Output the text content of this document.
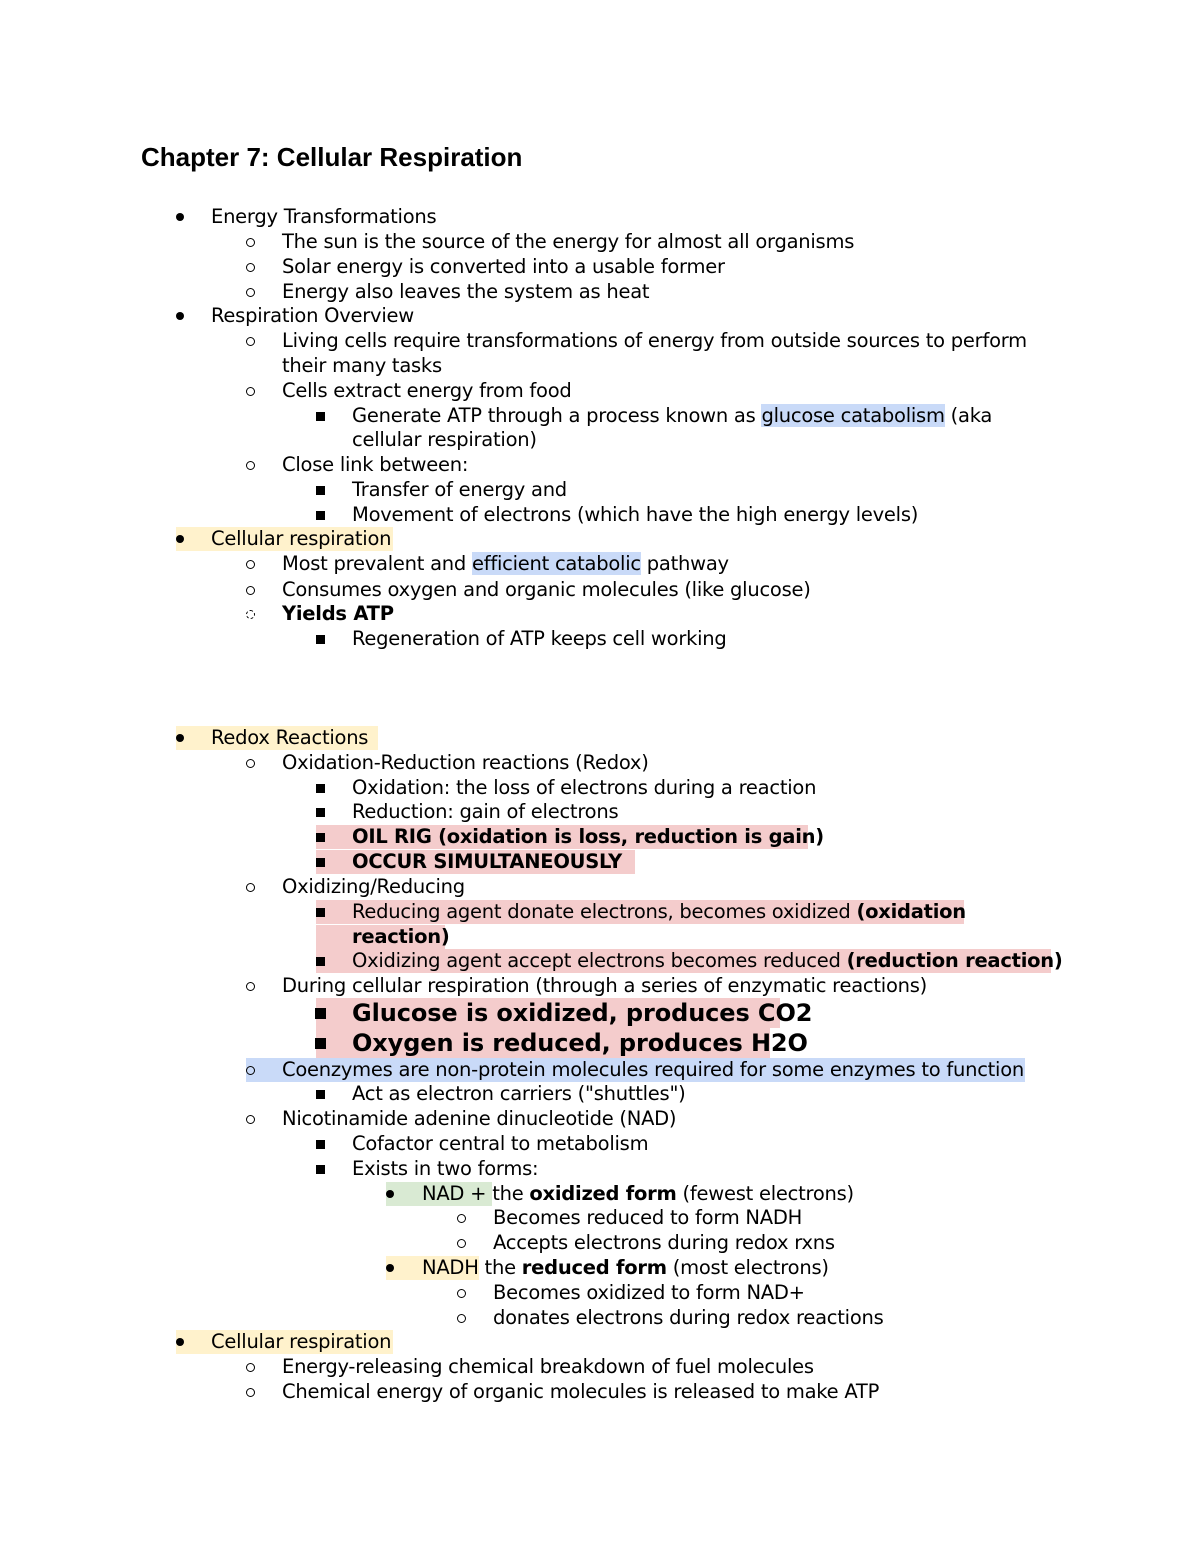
Chapter 7: Cellular Respiration
Energy Transformations
The sun is the source of the energy for almost all organisms
Solar energy is converted into a usable former
Energy also leaves the system as heat
Respiration Overview
Living cells require transformations of energy from outside sources to perform
their many tasks
Cells extract energy from food
Generate ATP through a process known as glucose catabolism (aka
cellular respiration)
Close link between:
Transfer of energy and
Movement of electrons (which have the high energy levels)
Cellular respiration
Most prevalent and efficient catabolic pathway
Consumes oxygen and organic molecules (like glucose)
Yields ATP
Regeneration of ATP keeps cell working
Redox Reactions
Oxidation-Reduction reactions (Redox)
Oxidation: the loss of electrons during a reaction
Reduction: gain of electrons
OIL RIG (oxidation is loss, reduction is gain)
OCCUR SIMULTANEOUSLY
Oxidizing/Reducing
Reducing agent donate electrons, becomes oxidized (oxidation
reaction)
Oxidizing agent accept electrons becomes reduced (reduction reaction)
During cellular respiration (through a series of enzymatic reactions)
Glucose is oxidized, produces CO2
Oxygen is reduced, produces H2O
Coenzymes are non-protein molecules required for some enzymes to function
Act as electron carriers ("shuttles")
Nicotinamide adenine dinucleotide (NAD)
Cofactor central to metabolism
Exists in two forms:
NAD + the oxidized form (fewest electrons)
Becomes reduced to form NADH
Accepts electrons during redox rxns
NADH the reduced form (most electrons)
Becomes oxidized to form NAD+
donates electrons during redox reactions
Cellular respiration
Energy-releasing chemical breakdown of fuel molecules
Chemical energy of organic molecules is released to make ATP
